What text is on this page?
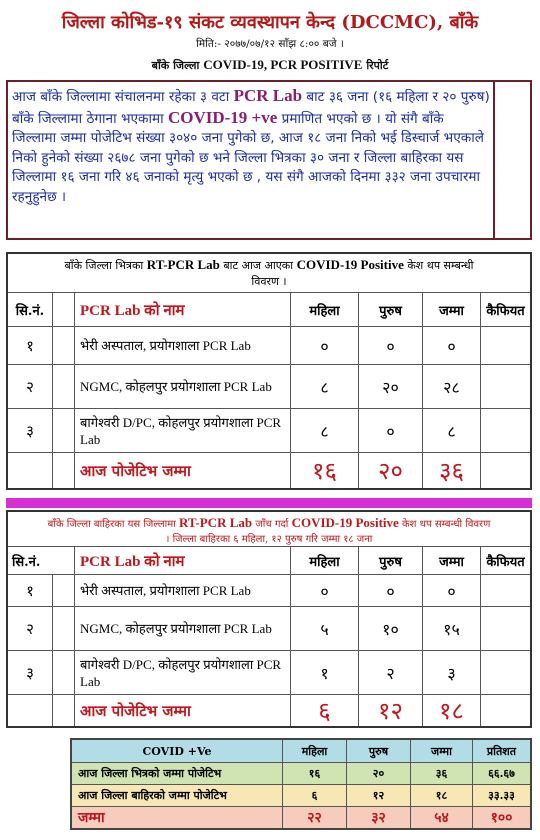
जिल्ला कोभिड-१९ संकट व्यवस्थापन केन्द (DCCMC), बाँके
मिति:- २०७७/०७/१२ साँझ ८:०० बजे ।
बाँके जिल्ला COVID-19, PCR POSITIVE रिपोर्ट
आज बाँके जिल्लामा संचालनमा रहेका ३ वटा PCR Lab बाट ३६ जना (१६ महिला र २० पुरुष) बाँके जिल्लामा ठेगाना भएकामा COVID-19 +ve प्रमाणित भएको छ । यो संगै बाँके जिल्लामा जम्मा पोजेटिभ संख्या ३०४० जना पुगेको छ, आज १८ जना निको भई डिस्चार्ज भएकाले निको हुनेको संख्या २६७८ जना पुगेको छ भने जिल्ला भित्रका ३० जना र जिल्ला बाहिरका यस जिल्लामा १६ जना गरि ४६ जनाको मृत्यु भएको छ , यस संगै आजको दिनमा ३३२ जना उपचारमा रहनुहुनेछ ।
बाँके जिल्ला भित्रका RT-PCR Lab बाट आज आएका COVID-19 Positive केश थप सम्बन्धी
विवरण ।
सि.नं.	PCR Lab को नाम	महिला	पुरुष	जम्मा	कैफियत
१	भेरी अस्पताल, प्रयोगशाला PCR Lab	०	०	०
२	NGMC, कोहलपुर प्रयोगशाला PCR Lab	८	२०	२८
३	बागेश्वरी D/PC, कोहलपुर प्रयोगशाला PCR Lab	८	०	८
आज पोजेटिभ जम्मा	१६	२०	३६
बाँके जिल्ला बाहिरका यस जिल्लामा RT-PCR Lab जाँच गर्दा COVID-19 Positive केश थप सम्बन्धी विवरण
। जिल्ला बाहिरका ६ महिला, १२ पुरुष गरि जम्मा १८ जना
सि.नं.	PCR Lab को नाम	महिला	पुरुष	जम्मा	कैफियत
१	भेरी अस्पताल, प्रयोगशाला PCR Lab	०	०	०
२	NGMC, कोहलपुर प्रयोगशाला PCR Lab	५	१०	१५
३	बागेश्वरी D/PC, कोहलपुर प्रयोगशाला PCR Lab	१	२	३
आज पोजेटिभ जम्मा	६	१२	१८
COVID +Ve	महिला	पुरुष	जम्मा	प्रतिशत
आज जिल्ला भित्रको जम्मा पोजेटिभ	१६	२०	३६	६६.६७
आज जिल्ला बाहिरको जम्मा पोजेटिभ	६	१२	१८	३३.३३
जम्मा	२२	३२	५४	१००
